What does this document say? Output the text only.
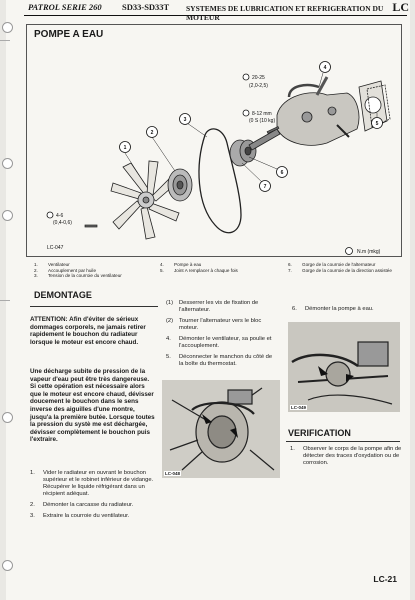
PATROL SERIE 260 SD33-SD33T SYSTEMES DE LUBRICATION ET REFRIGERATION DU MOTEUR
LC
POMPE A EAU
1
2
3
4
5
6
7
20-25
(2,0-2,5)
8-12 mm
(0 S (10 kg)
4-6
(0,4-0,6)
LC-047
N.m (mkg)
1. Ventilateur
2. Accouplement par huile
3. Tension de la courroie du ventilateur
4. Pompe à eau
5. Joint A remplacer à chaque fois
6. Gorge de la courroie de l'alternateur
7. Gorge de la courroie de la direction assistée
DEMONTAGE
ATTENTION: Afin d'éviter de sérieux dommages corporels, ne jamais retirer rapidement le bouchon du radiateur lorsque le moteur est encore chaud.
Une décharge subite de pression de la vapeur d'eau peut être très dangereuse. Si cette opération est nécessaire alors que le moteur est encore chaud, dévisser doucement le bouchon dans le sens inverse des aiguilles d'une montre, jusqu'a la première butée. Lorsque toutes la pression du systè me est déchargée, dévisser complètement le bouchon puis l'extraire.
1.	Vider le radiateur en ouvrant le bouchon supérieur et le robinet inférieur de vidange. Récupérer le liquide réfrigérant dans un récipient adéquat.
2.	Démonter la carcasse du radiateur.
3.	Extraire la courroie du ventilateur.
(1)	Desserrer les vis de fixation de l'alternateur.
(2)	Tourner l'alternateur vers le bloc moteur.
4.	Démonter le ventilateur, sa poulie et l'accouplement.
5.	Déconnecter le manchon du côté de la boîte du thermostat.
6.	Démonter la pompe à eau.
LC-048
LC-049
VERIFICATION
1.	Observer le corps de la pompe afin de détecter des traces d'oxydation ou de corrosion.
LC-21
